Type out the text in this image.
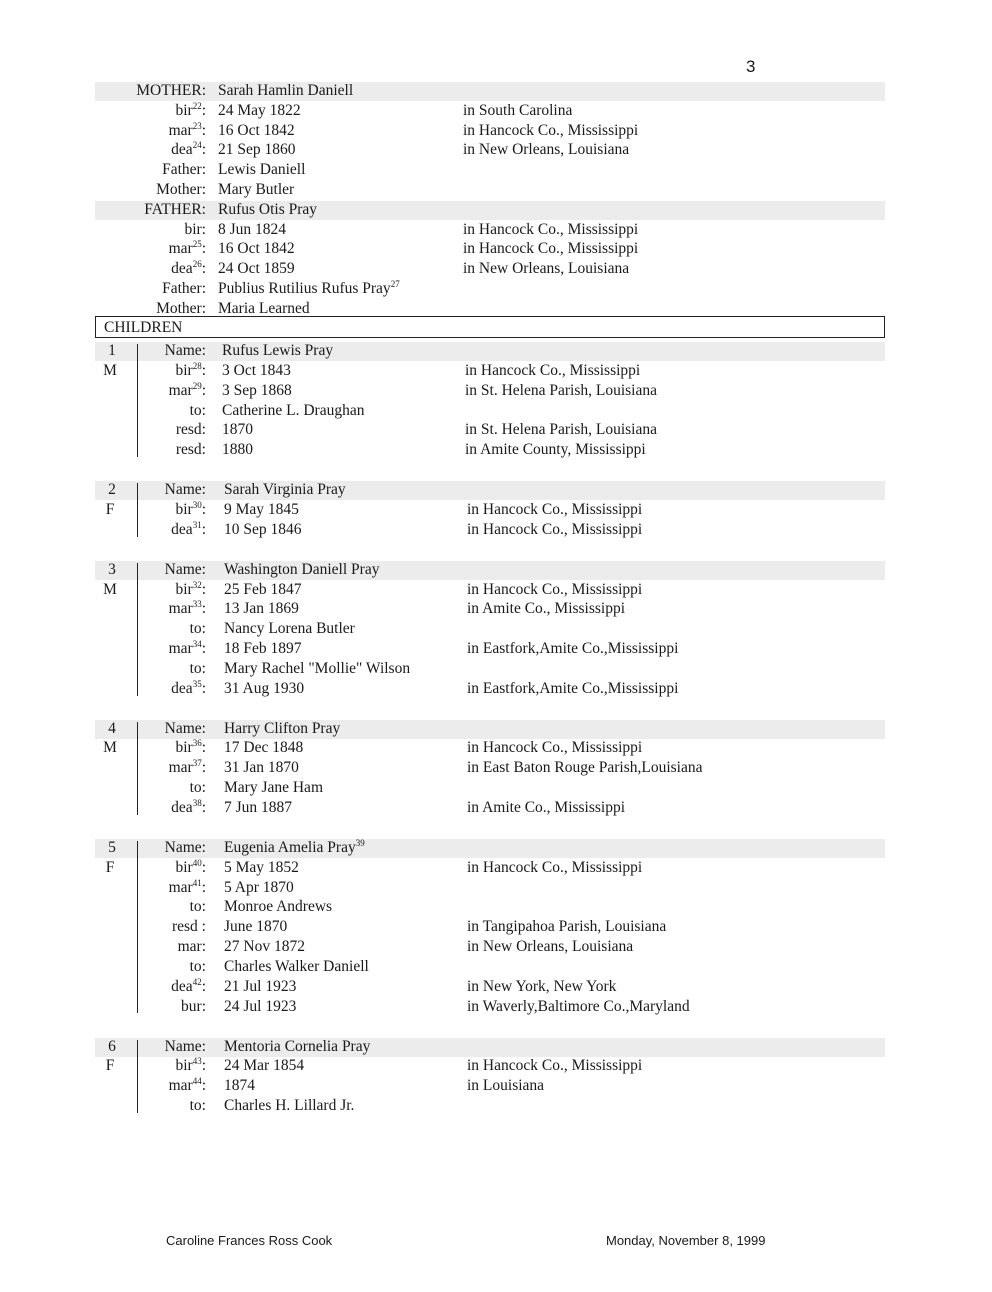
3
MOTHER: Sarah Hamlin Daniell
bir$^{22}$: 24 May 1822	in South Carolina
mar$^{23}$: 16 Oct 1842	in Hancock Co., Mississippi
dea$^{24}$: 21 Sep 1860	in New Orleans, Louisiana
Father: Lewis Daniell
Mother: Mary Butler
FATHER: Rufus Otis Pray
bir: 8 Jun 1824	in Hancock Co., Mississippi
mar$^{25}$: 16 Oct 1842	in Hancock Co., Mississippi
dea$^{26}$: 24 Oct 1859	in New Orleans, Louisiana
Father: Publius Rutilius Rufus Pray$^{27}$
Mother: Maria Learned
CHILDREN
1
M
Name: Rufus Lewis Pray
bir$^{28}$: 3 Oct 1843	in Hancock Co., Mississippi
mar$^{29}$: 3 Sep 1868	in St. Helena Parish, Louisiana
to: Catherine L. Draughan
resd: 1870	in St. Helena Parish, Louisiana
resd: 1880	in Amite County, Mississippi
2
F
Name: Sarah Virginia Pray
bir$^{30}$: 9 May 1845	in Hancock Co., Mississippi
dea$^{31}$: 10 Sep 1846	in Hancock Co., Mississippi
3
M
Name: Washington Daniell Pray
bir$^{32}$: 25 Feb 1847	in Hancock Co., Mississippi
mar$^{33}$: 13 Jan 1869	in Amite Co., Mississippi
to: Nancy Lorena Butler
mar$^{34}$: 18 Feb 1897	in Eastfork,Amite Co.,Mississippi
to: Mary Rachel "Mollie" Wilson
dea$^{35}$: 31 Aug 1930	in Eastfork,Amite Co.,Mississippi
4
M
Name: Harry Clifton Pray
bir$^{36}$: 17 Dec 1848	in Hancock Co., Mississippi
mar$^{37}$: 31 Jan 1870	in East Baton Rouge Parish,Louisiana
to: Mary Jane Ham
dea$^{38}$: 7 Jun 1887	in Amite Co., Mississippi
5
F
Name: Eugenia Amelia Pray$^{39}$
bir$^{40}$: 5 May 1852	in Hancock Co., Mississippi
mar$^{41}$: 5 Apr 1870
to: Monroe Andrews
resd : June 1870	in Tangipahoa Parish, Louisiana
mar: 27 Nov 1872	in New Orleans, Louisiana
to: Charles Walker Daniell
dea$^{42}$: 21 Jul 1923	in New York, New York
bur: 24 Jul 1923	in Waverly,Baltimore Co.,Maryland
6
F
Name: Mentoria Cornelia Pray
bir$^{43}$: 24 Mar 1854	in Hancock Co., Mississippi
mar$^{44}$: 1874	in Louisiana
to: Charles H. Lillard Jr.
Caroline Frances Ross Cook	Monday, November 8, 1999
